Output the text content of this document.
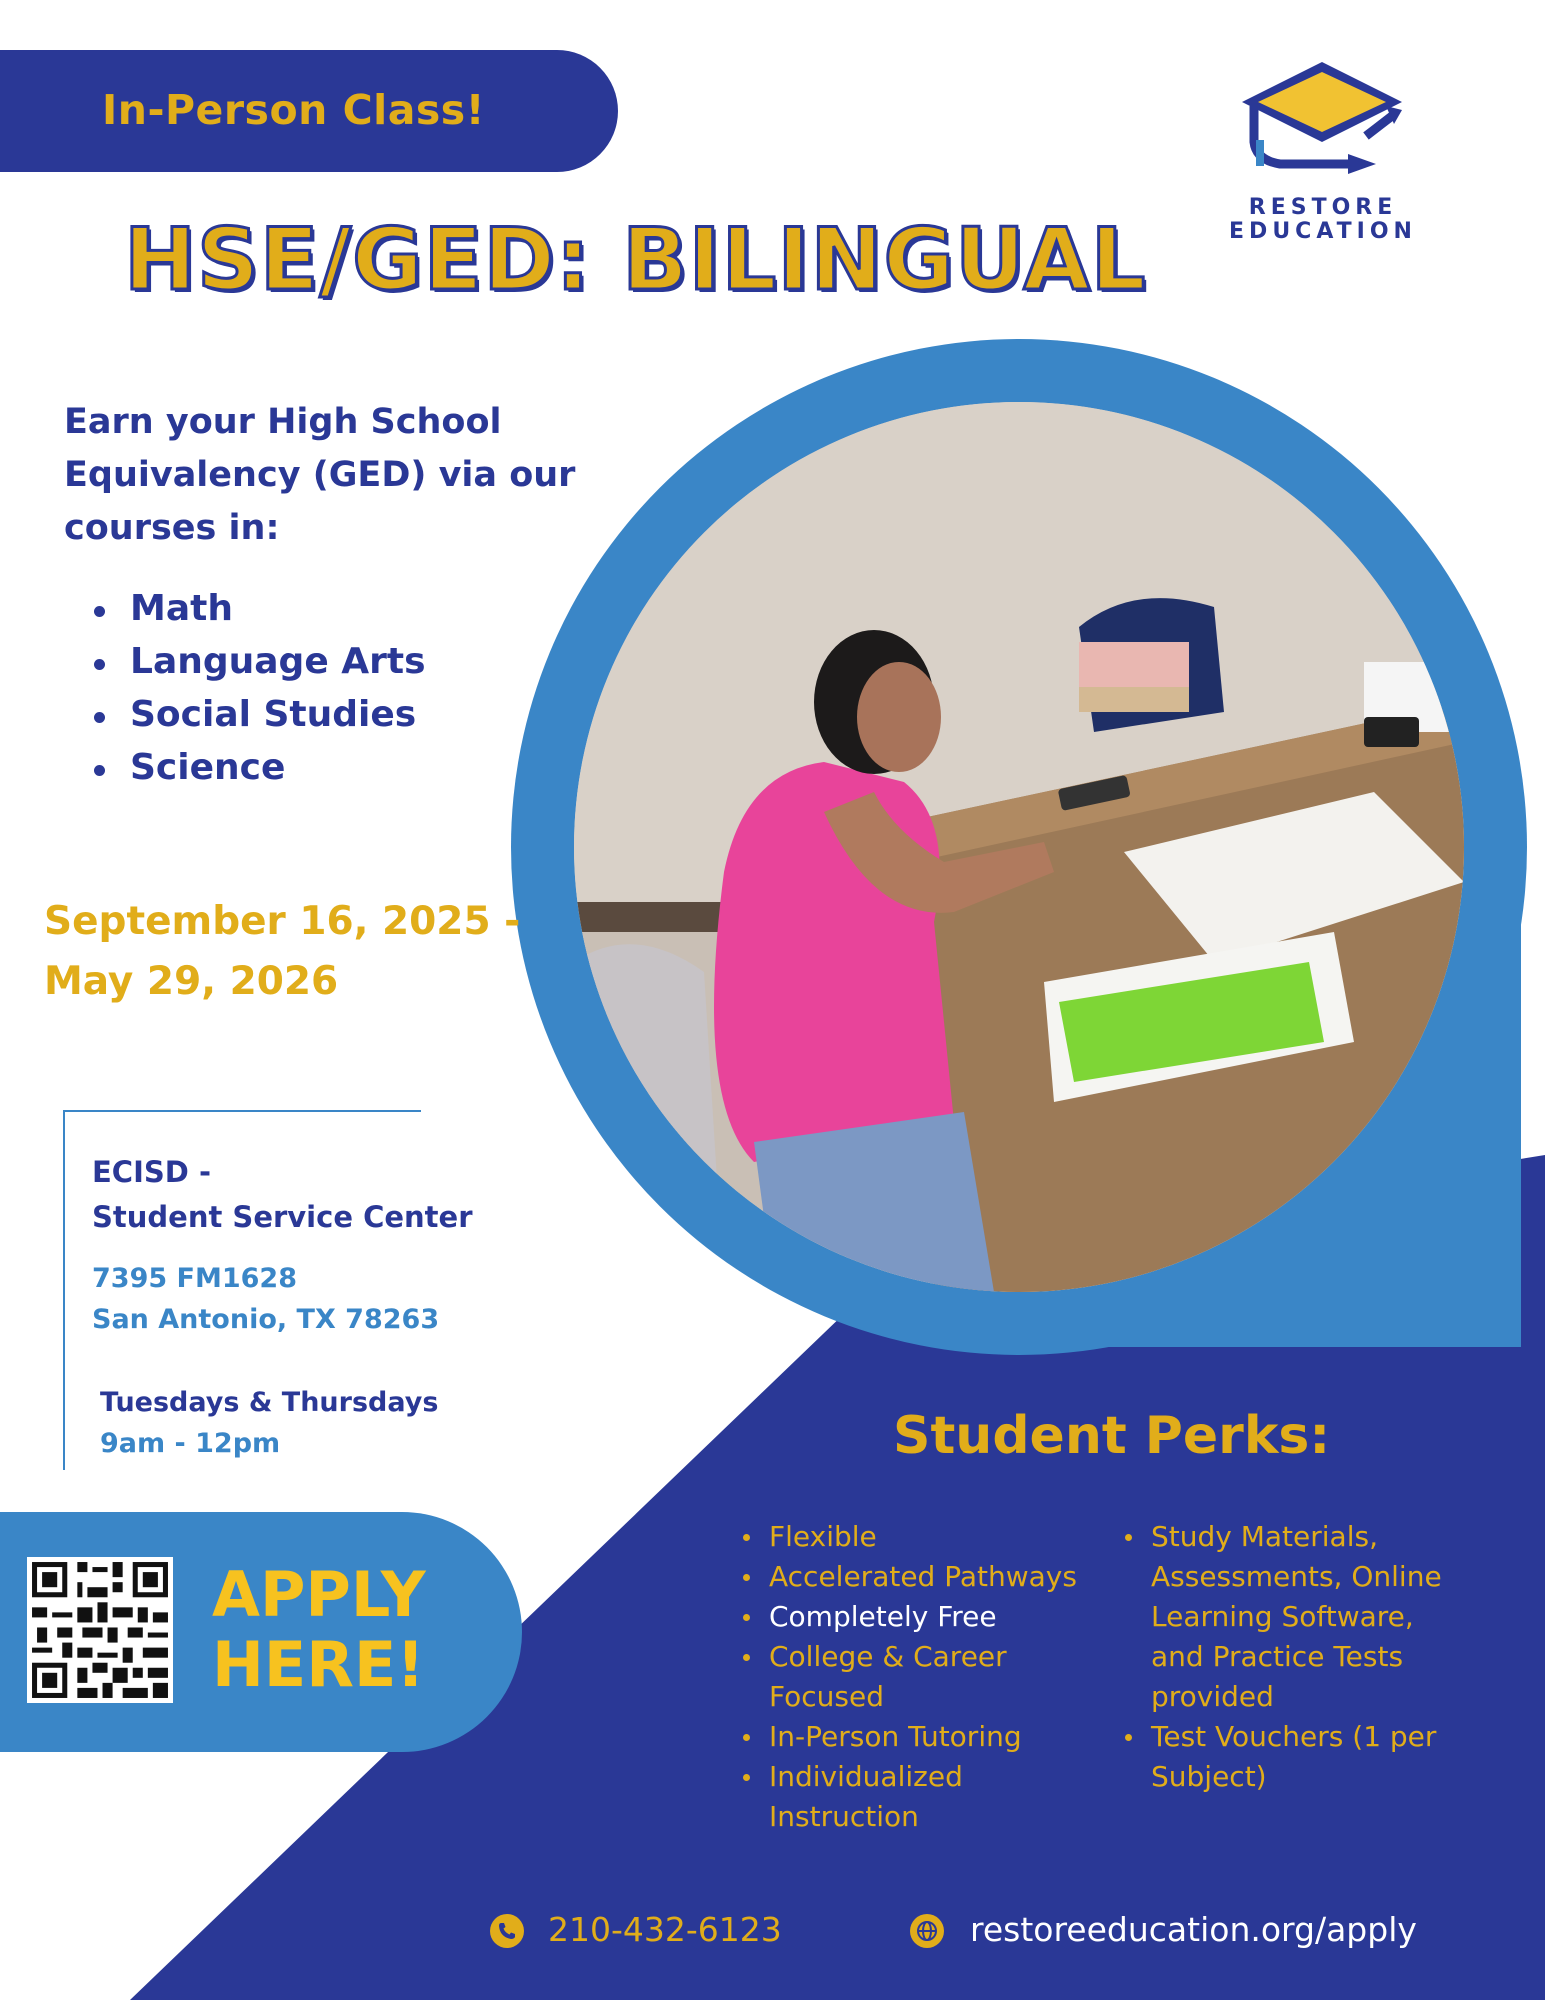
In-Person Class!
RESTORE
EDUCATION
HSE/GED: BILINGUAL
Earn your High School Equivalency (GED) via our courses in:
Math
Language Arts
Social Studies
Science
September 16, 2025 -
May 29, 2026
ECISD -
Student Service Center
7395 FM1628
San Antonio, TX 78263
Tuesdays & Thursdays
9am - 12pm
APPLY
HERE!
Student Perks:
Flexible
Accelerated Pathways
Completely Free
College & Career Focused
In-Person Tutoring
Individualized Instruction
Study Materials, Assessments, Online Learning Software, and Practice Tests provided
Test Vouchers (1 per Subject)
210-432-6123	restoreeducation.org/apply
